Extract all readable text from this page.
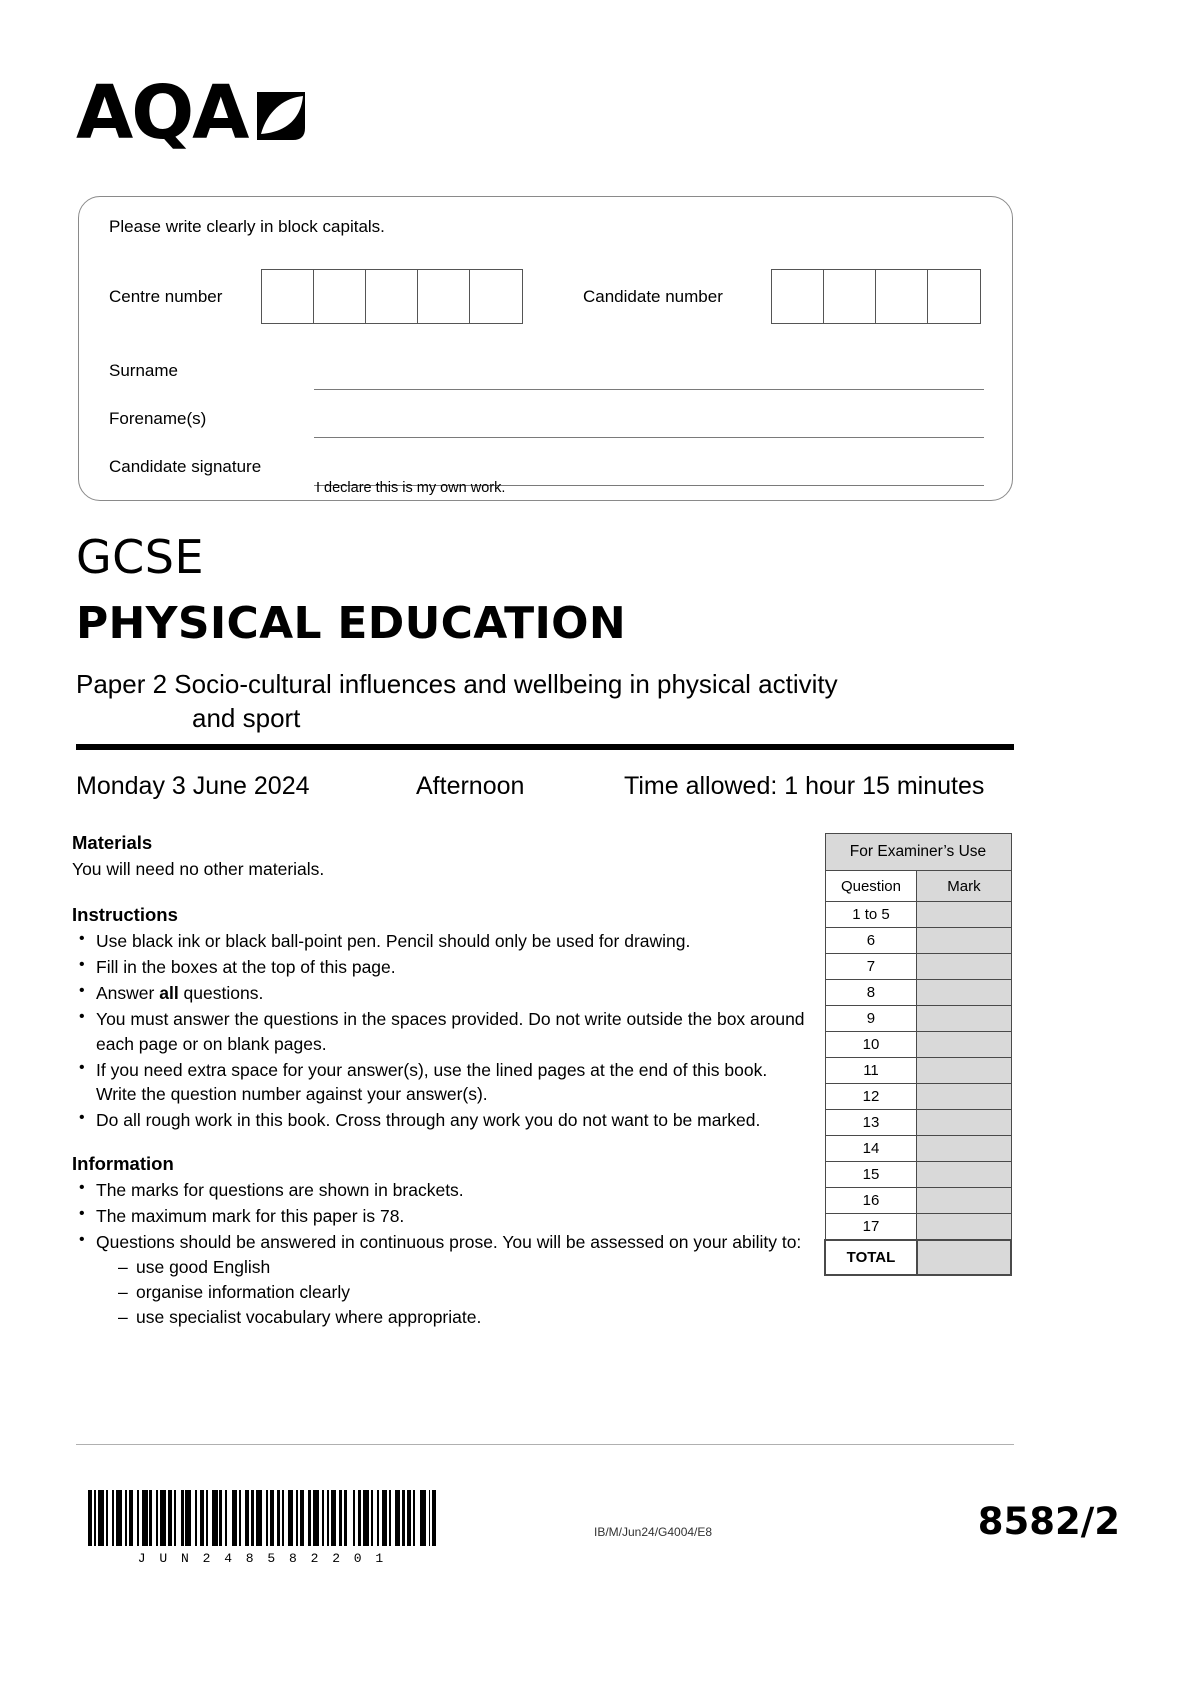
AQA
Please write clearly in block capitals.
Centre number	Candidate number
Surname
Forename(s)
Candidate signature
I declare this is my own work.
GCSE
PHYSICAL EDUCATION
Paper 2 Socio-cultural influences and wellbeing in physical activity
and sport
Monday 3 June 2024	Afternoon	Time allowed: 1 hour 15 minutes
Materials
You will need no other materials.
Instructions
• Use black ink or black ball-point pen. Pencil should only be used for drawing.
• Fill in the boxes at the top of this page.
• Answer all questions.
• You must answer the questions in the spaces provided. Do not write outside the box around each page or on blank pages.
• If you need extra space for your answer(s), use the lined pages at the end of this book. Write the question number against your answer(s).
• Do all rough work in this book. Cross through any work you do not want to be marked.
Information
• The marks for questions are shown in brackets.
• The maximum mark for this paper is 78.
• Questions should be answered in continuous prose. You will be assessed on your ability to:
– use good English
– organise information clearly
– use specialist vocabulary where appropriate.
For Examiner’s Use	
Question	Mark
1 to 5	
6	
7	
8	
9	
10	
11	
12	
13	
14	
15	
16	
17	
TOTAL	
J U N 2 4 8 5 8 2 2 0 1
IB/M/Jun24/G4004/E8	8582/2
